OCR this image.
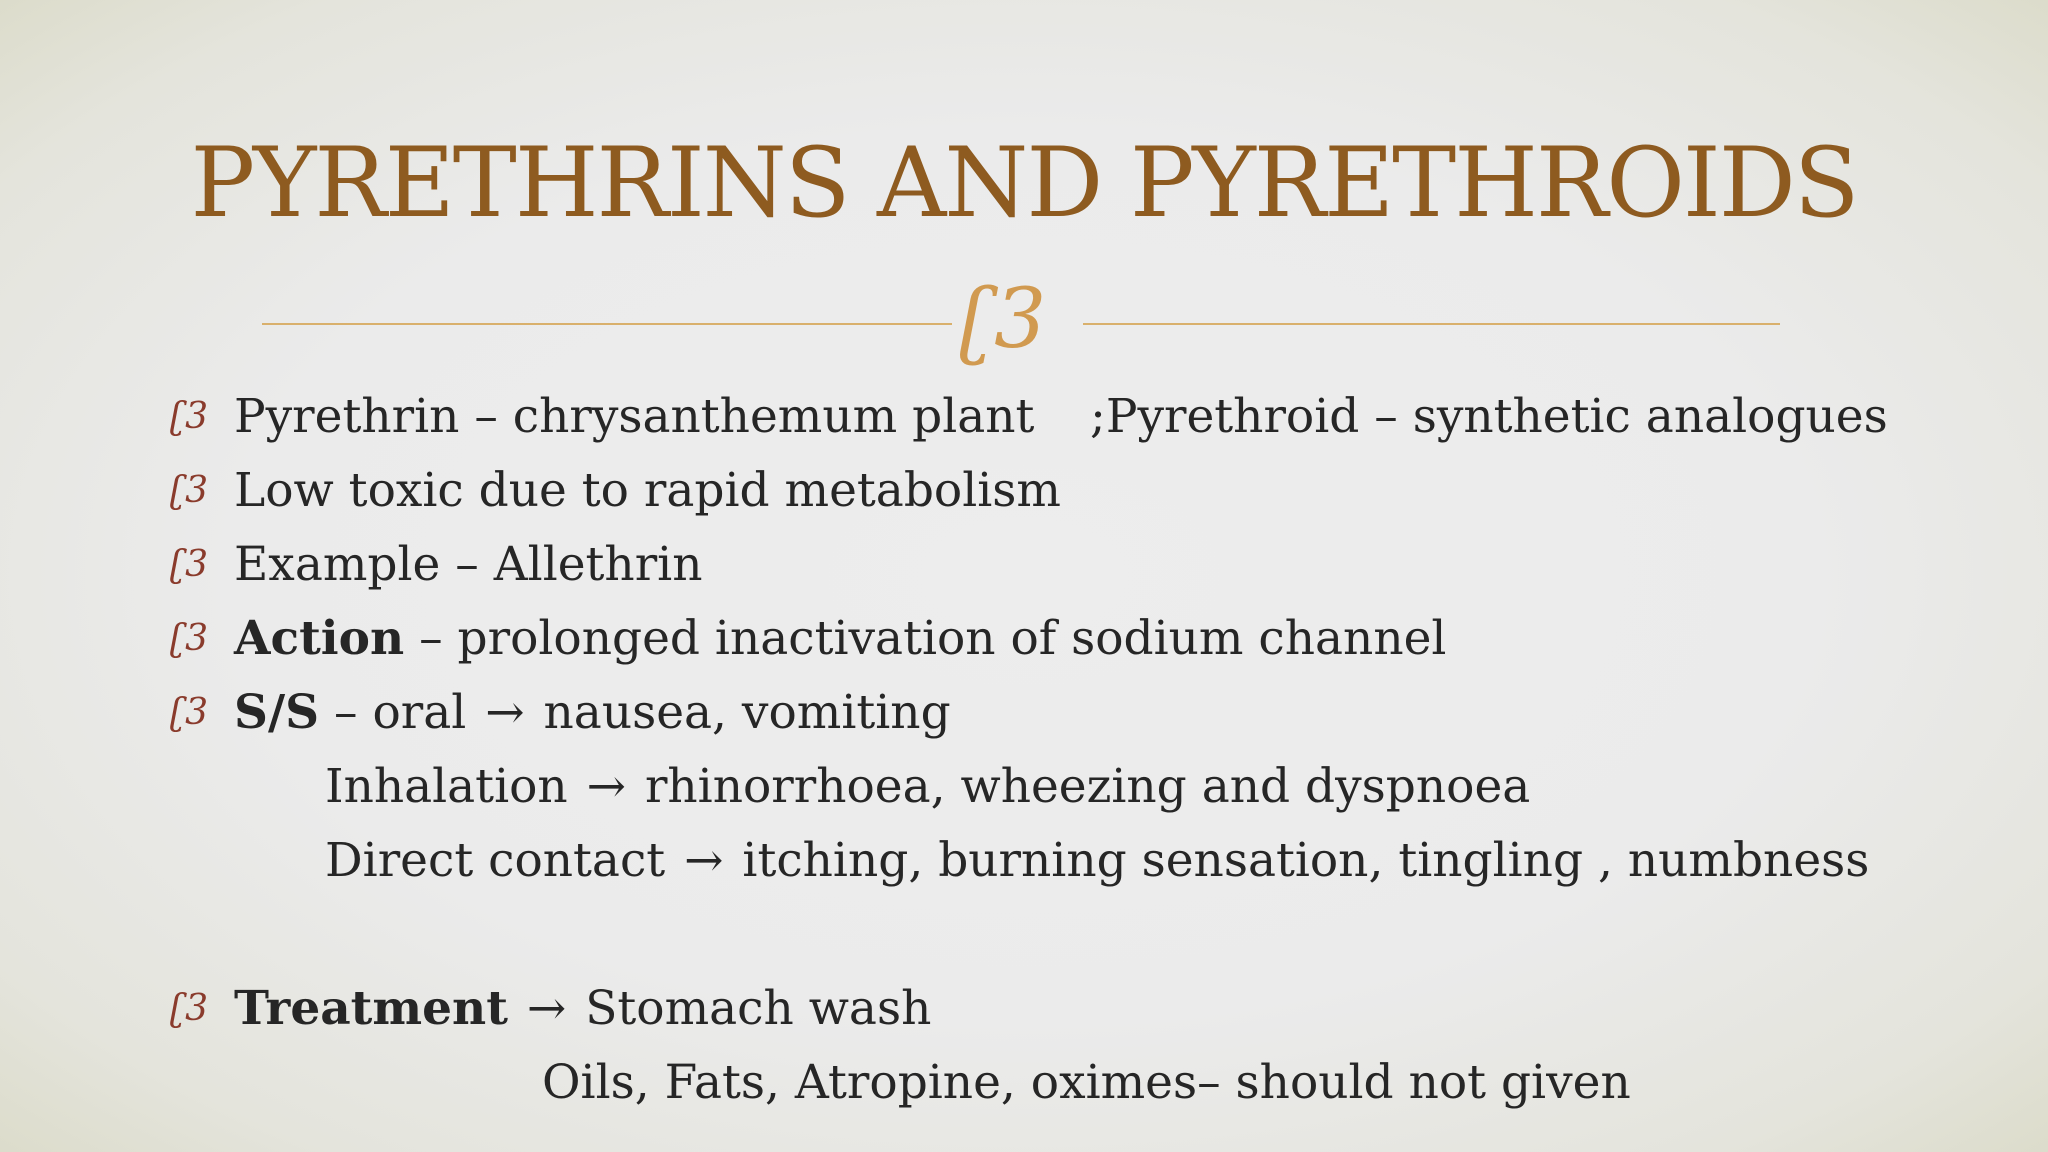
PYRETHRINS AND PYRETHROIDS
ʗ3
ʗ3 Pyrethrin – chrysanthemum plant ;Pyrethroid – synthetic analogues
ʗ3 Low toxic due to rapid metabolism
ʗ3 Example – Allethrin
ʗ3 Action – prolonged inactivation of sodium channel
ʗ3 S/S – oral → nausea, vomiting
Inhalation → rhinorrhoea, wheezing and dyspnoea
Direct contact → itching, burning sensation, tingling , numbness
ʗ3 Treatment → Stomach wash
Oils, Fats, Atropine, oximes– should not given
